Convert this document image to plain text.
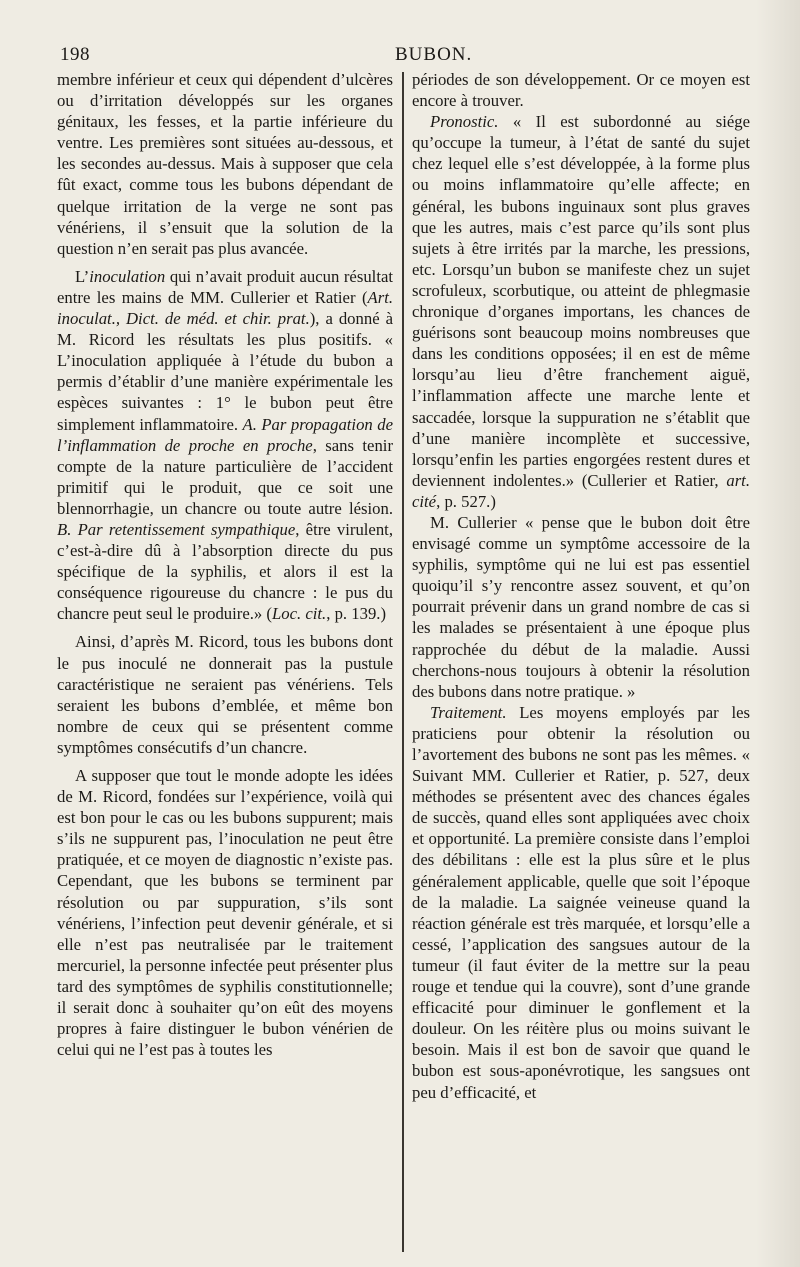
198	BUBON.

membre inférieur et ceux qui dépendent d’ulcères ou d’irritation développés sur les organes génitaux, les fesses, et la partie inférieure du ventre. Les premières sont situées au-dessous, et les secondes au-dessus. Mais à supposer que cela fût exact, comme tous les bubons dépendant de quelque irritation de la verge ne sont pas vénériens, il s’ensuit que la solution de la question n’en serait pas plus avancée.

L’inoculation qui n’avait produit aucun résultat entre les mains de MM. Cullerier et Ratier (Art. inoculat., Dict. de méd. et chir. prat.), a donné à M. Ricord les résultats les plus positifs. « L’inoculation appliquée à l’étude du bubon a permis d’établir d’une manière expérimentale les espèces suivantes : 1° le bubon peut être simplement inflammatoire. A. Par propagation de l’inflammation de proche en proche, sans tenir compte de la nature particulière de l’accident primitif qui le produit, que ce soit une blennorrhagie, un chancre ou toute autre lésion. B. Par retentissement sympathique, être virulent, c’est-à-dire dû à l’absorption directe du pus spécifique de la syphilis, et alors il est la conséquence rigoureuse du chancre : le pus du chancre peut seul le produire.» (Loc. cit., p. 139.)

Ainsi, d’après M. Ricord, tous les bubons dont le pus inoculé ne donnerait pas la pustule caractéristique ne seraient pas vénériens. Tels seraient les bubons d’emblée, et même bon nombre de ceux qui se présentent comme symptômes consécutifs d’un chancre.

A supposer que tout le monde adopte les idées de M. Ricord, fondées sur l’expérience, voilà qui est bon pour le cas ou les bubons suppurent; mais s’ils ne suppurent pas, l’inoculation ne peut être pratiquée, et ce moyen de diagnostic n’existe pas. Cependant, que les bubons se terminent par résolution ou par suppuration, s’ils sont vénériens, l’infection peut devenir générale, et si elle n’est pas neutralisée par le traitement mercuriel, la personne infectée peut présenter plus tard des symptômes de syphilis constitutionnelle; il serait donc à souhaiter qu’on eût des moyens propres à faire distinguer le bubon vénérien de celui qui ne l’est pas à toutes les

périodes de son développement. Or ce moyen est encore à trouver.

Pronostic. « Il est subordonné au siége qu’occupe la tumeur, à l’état de santé du sujet chez lequel elle s’est développée, à la forme plus ou moins inflammatoire qu’elle affecte; en général, les bubons inguinaux sont plus graves que les autres, mais c’est parce qu’ils sont plus sujets à être irrités par la marche, les pressions, etc. Lorsqu’un bubon se manifeste chez un sujet scrofuleux, scorbutique, ou atteint de phlegmasie chronique d’organes importans, les chances de guérisons sont beaucoup moins nombreuses que dans les conditions opposées; il en est de même lorsqu’au lieu d’être franchement aiguë, l’inflammation affecte une marche lente et saccadée, lorsque la suppuration ne s’établit que d’une manière incomplète et successive, lorsqu’enfin les parties engorgées restent dures et deviennent indolentes.» (Cullerier et Ratier, art. cité, p. 527.)

M. Cullerier « pense que le bubon doit être envisagé comme un symptôme accessoire de la syphilis, symptôme qui ne lui est pas essentiel quoiqu’il s’y rencontre assez souvent, et qu’on pourrait prévenir dans un grand nombre de cas si les malades se présentaient à une époque plus rapprochée du début de la maladie. Aussi cherchons-nous toujours à obtenir la résolution des bubons dans notre pratique. »

Traitement. Les moyens employés par les praticiens pour obtenir la résolution ou l’avortement des bubons ne sont pas les mêmes. « Suivant MM. Cullerier et Ratier, p. 527, deux méthodes se présentent avec des chances égales de succès, quand elles sont appliquées avec choix et opportunité. La première consiste dans l’emploi des débilitans : elle est la plus sûre et le plus généralement applicable, quelle que soit l’époque de la maladie. La saignée veineuse quand la réaction générale est très marquée, et lorsqu’elle a cessé, l’application des sangsues autour de la tumeur (il faut éviter de la mettre sur la peau rouge et tendue qui la couvre), sont d’une grande efficacité pour diminuer le gonflement et la douleur. On les réitère plus ou moins suivant le besoin. Mais il est bon de savoir que quand le bubon est sous-aponévrotique, les sangsues ont peu d’efficacité, et
